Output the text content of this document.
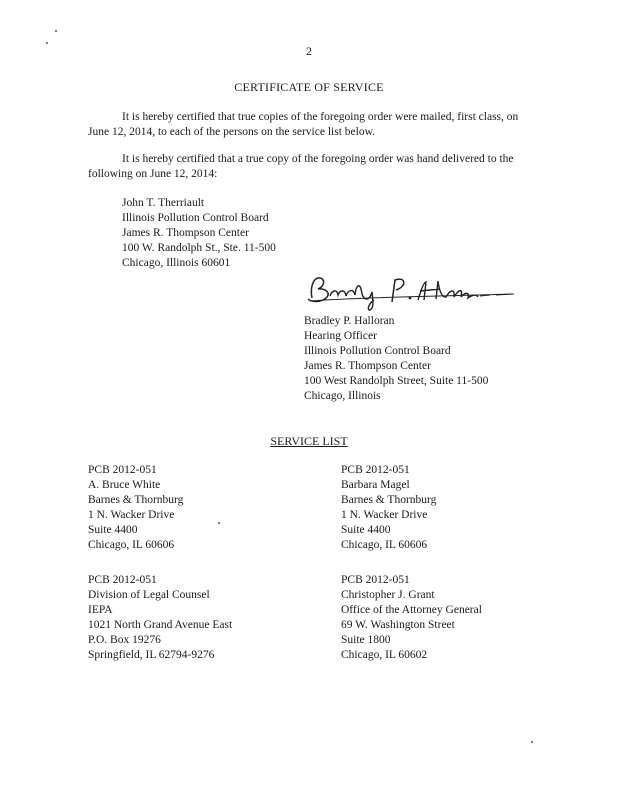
2
CERTIFICATE OF SERVICE
It is hereby certified that true copies of the foregoing order were mailed, first class, on June 12, 2014, to each of the persons on the service list below.
It is hereby certified that a true copy of the foregoing order was hand delivered to the following on June 12, 2014:
John T. Therriault
Illinois Pollution Control Board
James R. Thompson Center
100 W. Randolph St., Ste. 11-500
Chicago, Illinois 60601
Bradley P. Halloran
Hearing Officer
Illinois Pollution Control Board
James R. Thompson Center
100 West Randolph Street, Suite 11-500
Chicago, Illinois
SERVICE LIST
PCB 2012-051
A. Bruce White
Barnes & Thornburg
1 N. Wacker Drive
Suite 4400
Chicago, IL 60606
PCB 2012-051
Barbara Magel
Barnes & Thornburg
1 N. Wacker Drive
Suite 4400
Chicago, IL 60606
PCB 2012-051
Division of Legal Counsel
IEPA
1021 North Grand Avenue East
P.O. Box 19276
Springfield, IL 62794-9276
PCB 2012-051
Christopher J. Grant
Office of the Attorney General
69 W. Washington Street
Suite 1800
Chicago, IL 60602
